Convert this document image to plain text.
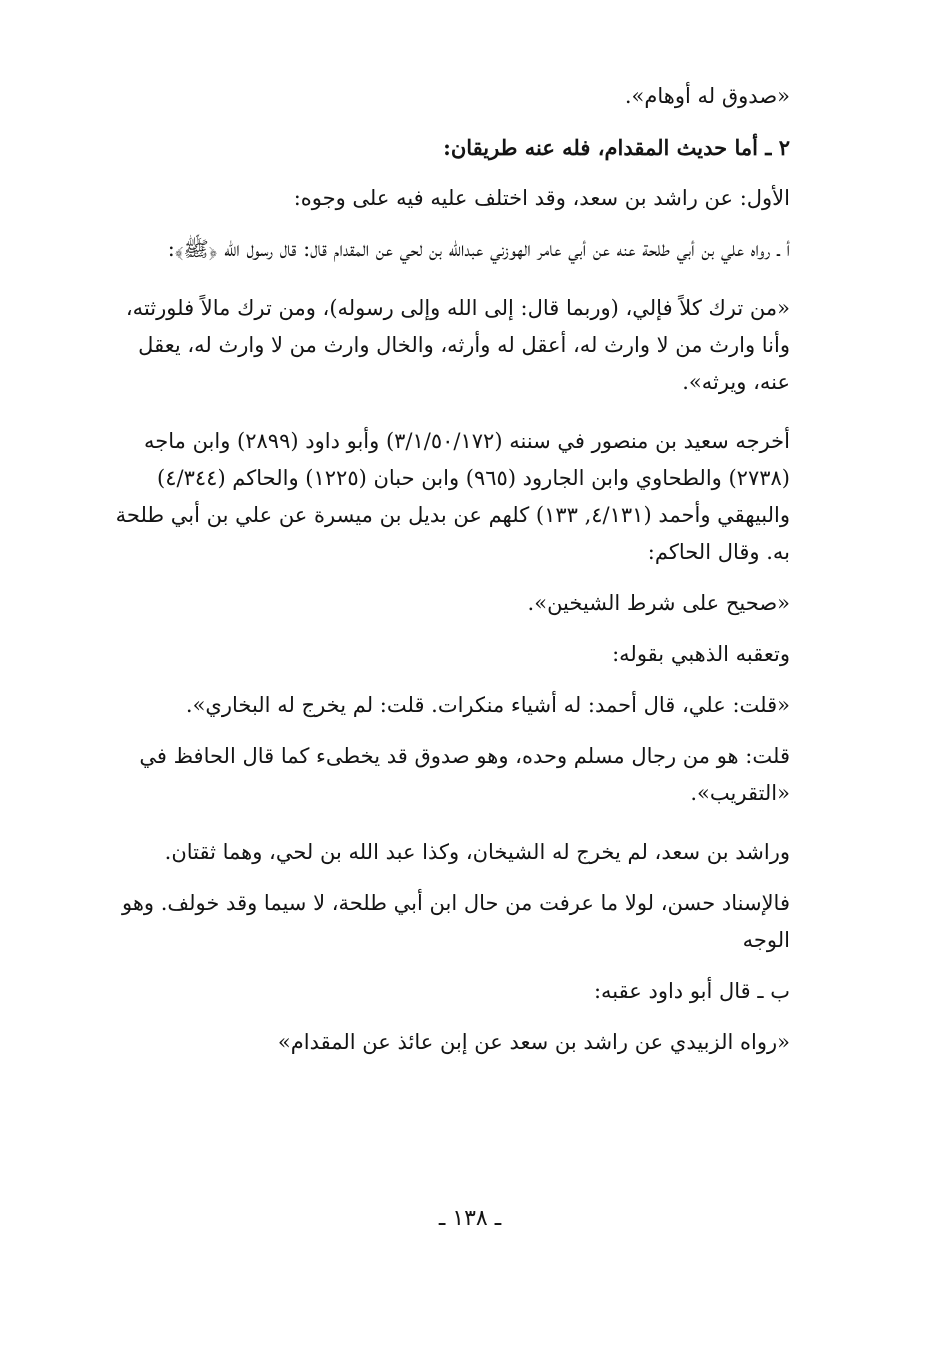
«صدوق له أوهام».

٢ ـ أما حديث المقدام، فله عنه طريقان:

الأول: عن راشد بن سعد، وقد اختلف عليه فيه على وجوه:

أ ـ رواه علي بن أبي طلحة عنه عن أبي عامر الهوزني عبدالله بن لحي عن المقدام قال: قال رسول الله ﴿ﷺ﴾:

«من ترك كلاً فإلي، (وربما قال: إلى الله وإلى رسوله)، ومن ترك مالاً فلورثته، وأنا وارث من لا وارث له، أعقل له وأرثه، والخال وارث من لا وارث له، يعقل عنه، ويرثه».

أخرجه سعيد بن منصور في سننه (٣/١/٥٠/١٧٢) وأبو داود (٢٨٩٩) وابن ماجه (٢٧٣٨) والطحاوي وابن الجارود (٩٦٥) وابن حبان (١٢٢٥) والحاكم (٤/٣٤٤) والبيهقي وأحمد (٤/١٣١, ١٣٣) كلهم عن بديل بن ميسرة عن علي بن أبي طلحة به. وقال الحاكم:

«صحيح على شرط الشيخين».

وتعقبه الذهبي بقوله:

«قلت: علي، قال أحمد: له أشياء منكرات. قلت: لم يخرج له البخاري».

قلت: هو من رجال مسلم وحده، وهو صدوق قد يخطىء كما قال الحافظ في «التقريب».

وراشد بن سعد، لم يخرج له الشيخان، وكذا عبد الله بن لحي، وهما ثقتان.

فالإسناد حسن، لولا ما عرفت من حال ابن أبي طلحة، لا سيما وقد خولف. وهو الوجه

ب ـ قال أبو داود عقبه:

«رواه الزبيدي عن راشد بن سعد عن إبن عائذ عن المقدام»

ـ ١٣٨ ـ
